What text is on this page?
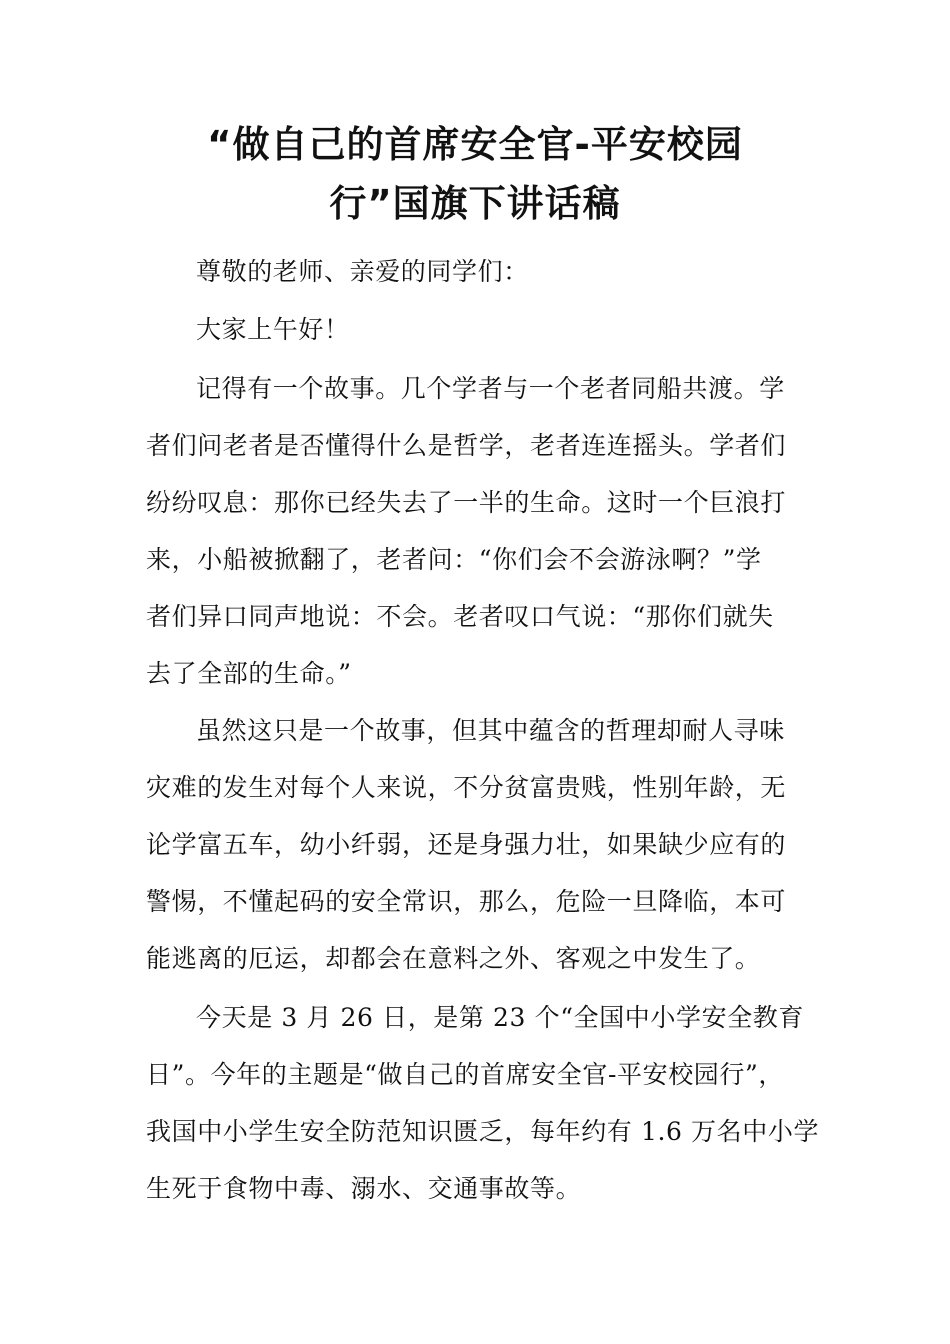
“做自己的首席安全官-平安校园
行”国旗下讲话稿

尊敬的老师、亲爱的同学们：

大家上午好！

记得有一个故事。几个学者与一个老者同船共渡。学

者们问老者是否懂得什么是哲学，老者连连摇头。学者们

纷纷叹息：那你已经失去了一半的生命。这时一个巨浪打

来，小船被掀翻了，老者问：“你们会不会游泳啊？”学

者们异口同声地说：不会。老者叹口气说：“那你们就失

去了全部的生命。”

虽然这只是一个故事，但其中蕴含的哲理却耐人寻味

灾难的发生对每个人来说，不分贫富贵贱，性别年龄，无

论学富五车，幼小纤弱，还是身强力壮，如果缺少应有的

警惕，不懂起码的安全常识，那么，危险一旦降临，本可

能逃离的厄运，却都会在意料之外、客观之中发生了。

今天是 3 月 26 日，是第 23 个“全国中小学安全教育

日”。今年的主题是“做自己的首席安全官-平安校园行”，

我国中小学生安全防范知识匮乏，每年约有 1.6 万名中小学

生死于食物中毒、溺水、交通事故等。
